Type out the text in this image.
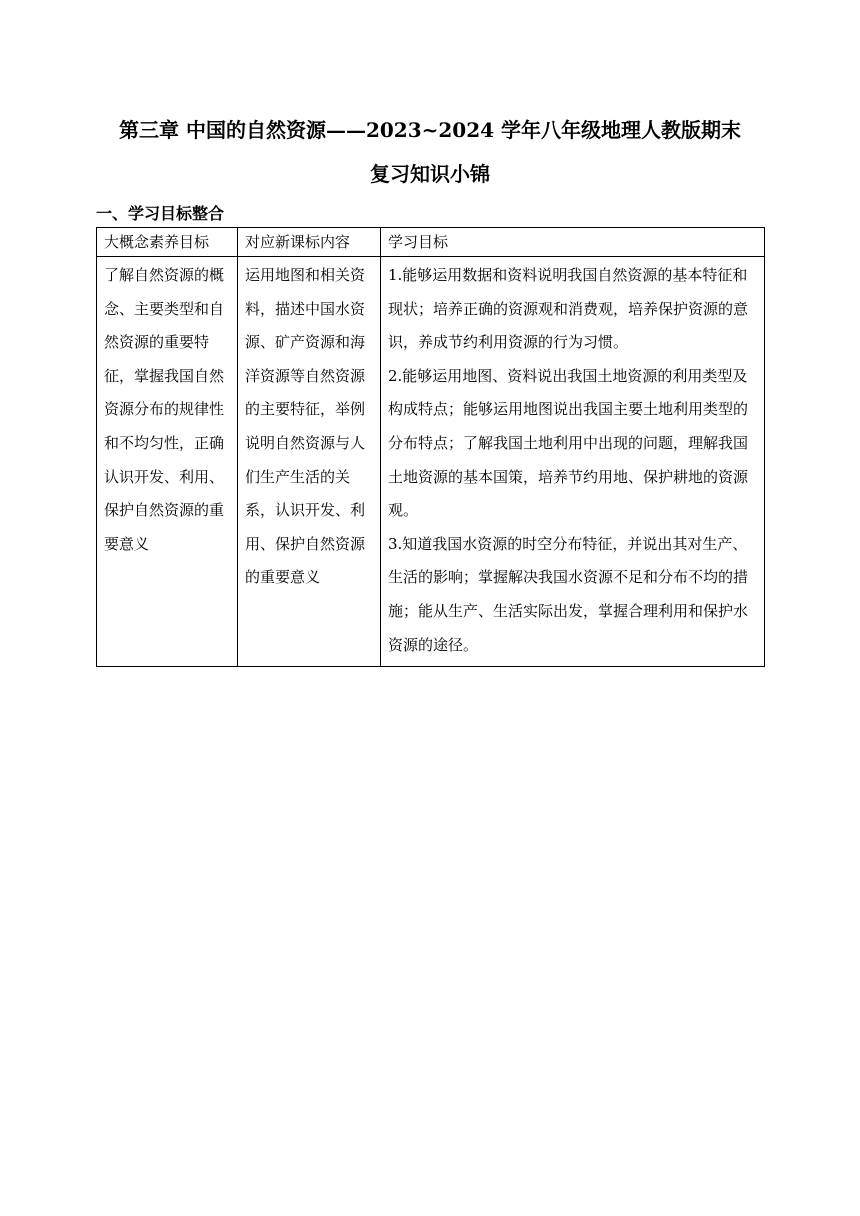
第三章 中国的自然资源——2023~2024 学年八年级地理人教版期末
复习知识小锦
一、学习目标整合
大概念素养目标	对应新课标内容	学习目标
了解自然资源的概念、主要类型和自然资源的重要特征，掌握我国自然资源分布的规律性和不均匀性，正确认识开发、利用、保护自然资源的重要意义	运用地图和相关资料，描述中国水资源、矿产资源和海洋资源等自然资源的主要特征，举例说明自然资源与人们生产生活的关系，认识开发、利用、保护自然资源的重要意义	1.能够运用数据和资料说明我国自然资源的基本特征和现状；培养正确的资源观和消费观，培养保护资源的意识，养成节约利用资源的行为习惯。
2.能够运用地图、资料说出我国土地资源的利用类型及构成特点；能够运用地图说出我国主要土地利用类型的分布特点；了解我国土地利用中出现的问题，理解我国土地资源的基本国策，培养节约用地、保护耕地的资源观。
3.知道我国水资源的时空分布特征，并说出其对生产、生活的影响；掌握解决我国水资源不足和分布不均的措施；能从生产、生活实际出发，掌握合理利用和保护水资源的途径。
